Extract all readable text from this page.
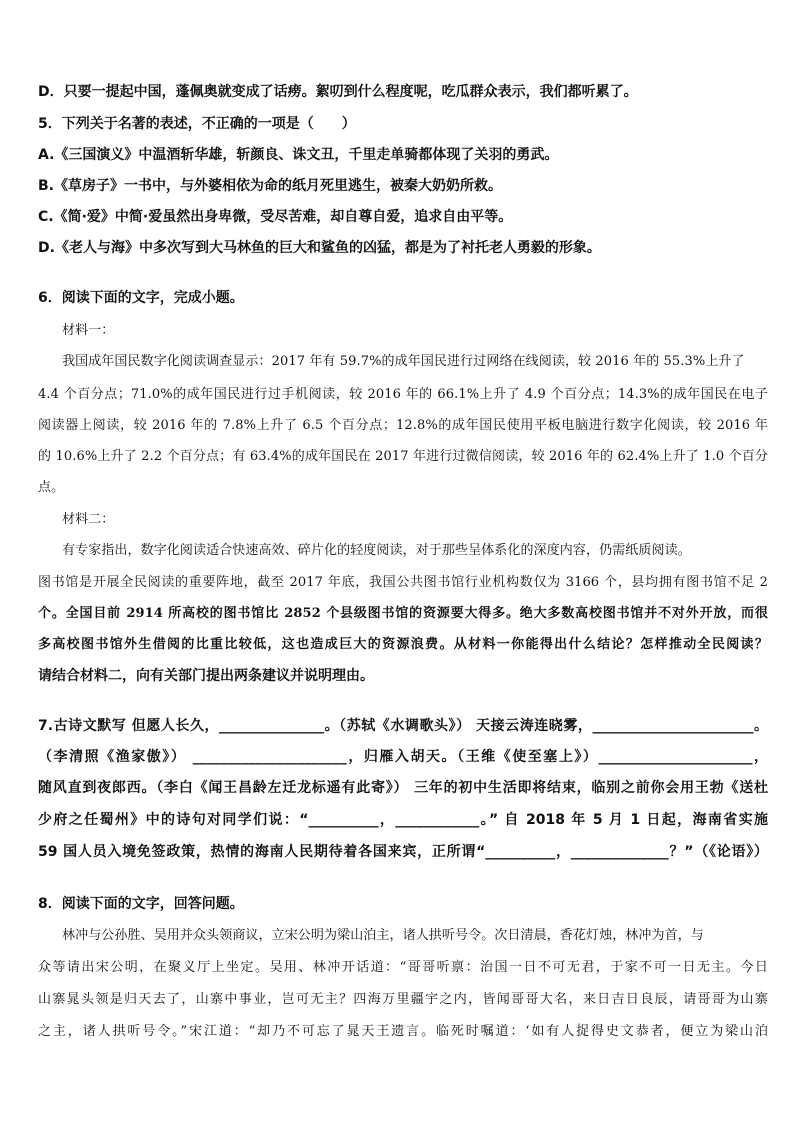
D．只要一提起中国，蓬佩奥就变成了话痨。絮叨到什么程度呢，吃瓜群众表示，我们都听累了。
5．下列关于名著的表述，不正确的一项是（　　）
A.《三国演义》中温酒斩华雄，斩颜良、诛文丑，千里走单骑都体现了关羽的勇武。
B.《草房子》一书中，与外婆相依为命的纸月死里逃生，被秦大奶奶所救。
C.《简·爱》中简·爱虽然出身卑微，受尽苦难，却自尊自爱，追求自由平等。
D.《老人与海》中多次写到大马林鱼的巨大和鲨鱼的凶猛，都是为了衬托老人勇毅的形象。
6．阅读下面的文字，完成小题。
材料一：
我国成年国民数字化阅读调查显示：2017 年有 59.7%的成年国民进行过网络在线阅读，较 2016 年的 55.3%上升了
4.4 个百分点；71.0%的成年国民进行过手机阅读，较 2016 年的 66.1%上升了 4.9 个百分点；14.3%的成年国民在电子
阅读器上阅读，较 2016 年的 7.8%上升了 6.5 个百分点；12.8%的成年国民使用平板电脑进行数字化阅读，较 2016 年
的 10.6%上升了 2.2 个百分点；有 63.4%的成年国民在 2017 年进行过微信阅读，较 2016 年的 62.4%上升了 1.0 个百分
点。
材料二：
有专家指出，数字化阅读适合快速高效、碎片化的轻度阅读，对于那些呈体系化的深度内容，仍需纸质阅读。
图书馆是开展全民阅读的重要阵地，截至 2017 年底，我国公共图书馆行业机构数仅为 3166 个，县均拥有图书馆不足 2
个。全国目前 2914 所高校的图书馆比 2852 个县级图书馆的资源要大得多。绝大多数高校图书馆并不对外开放，而很
多高校图书馆外生借阅的比重比较低，这也造成巨大的资源浪费。从材料一你能得出什么结论？怎样推动全民阅读？
请结合材料二，向有关部门提出两条建议并说明理由。
7.古诗文默写 但愿人长久，_______________。（苏轼《水调歌头》） 天接云涛连晓雾，_______________________。
（李清照《渔家傲》） ______________________，归雁入胡天。（王维《使至塞上》）______________________，
随风直到夜郎西。（李白《闻王昌龄左迁龙标遥有此寄》） 三年的初中生活即将结束，临别之前你会用王勃《送杜
少府之任蜀州》中的诗句对同学们说：“__________，____________。” 自 2018 年 5 月 1 日起，海南省实施
59 国人员入境免签政策，热情的海南人民期待着各国来宾，正所谓“__________，______________？”（《论语》）
8．阅读下面的文字，回答问题。
林冲与公孙胜、吴用并众头领商议，立宋公明为梁山泊主，诸人拱听号令。次日清晨，香花灯烛，林冲为首，与
众等请出宋公明，在聚义厅上坐定。吴用、林冲开话道：“哥哥听禀：治国一日不可无君，于家不可一日无主。今日
山寨晁头领是归天去了，山寨中事业，岂可无主？四海万里疆宇之内，皆闻哥哥大名，来日吉日良辰，请哥哥为山寨
之主，诸人拱听号令。”宋江道：“却乃不可忘了晁天王遗言。临死时嘱道：‘如有人捉得史文恭者，便立为梁山泊
